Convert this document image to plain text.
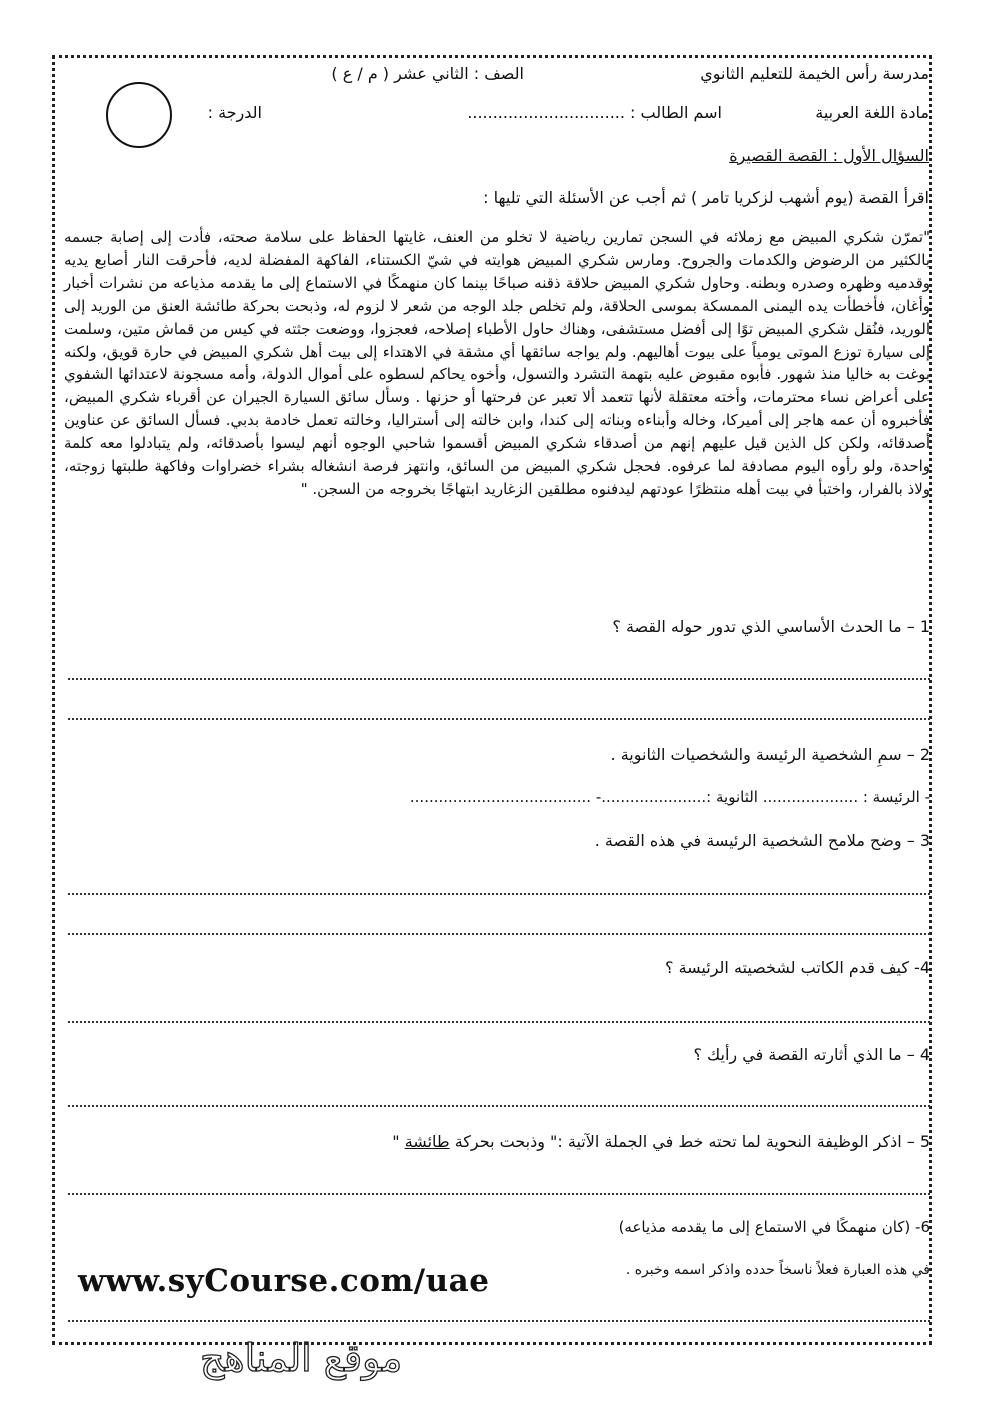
مدرسة رأس الخيمة للتعليم الثانوي
الصف : الثاني عشر ( م / ع )
مادة اللغة العربية
اسم الطالب : ...............................
الدرجة :
السؤال الأول : القصة القصيرة
اقرأ القصة (يوم أشهب لزكريا تامر ) ثم أجب عن الأسئلة التي تليها :

"تمرّن شكري المبيض مع زملائه في السجن تمارين رياضية لا تخلو من العنف، غايتها الحفاظ على سلامة صحته، فأدت إلى إصابة جسمه بالكثير من الرضوض والكدمات والجروح. ومارس شكري المبيض هوايته في شيّ الكستناء، الفاكهة المفضلة لديه، فأحرقت النار أصابع يديه وقدميه وظهره وصدره وبطنه. وحاول شكري المبيض حلاقة ذقنه صباحًا بينما كان منهمكًا في الاستماع إلى ما يقدمه مذياعه من نشرات أخبار وأغان، فأخطأت يده اليمنى الممسكة بموسى الحلاقة، ولم تخلص جلد الوجه من شعر لا لزوم له، وذبحت بحركة طائشة العنق من الوريد إلى الوريد، فنُقل شكري المبيض توًا إلى أفضل مستشفى، وهناك حاول الأطباء إصلاحه، فعجزوا، ووضعت جثته في كيس من قماش متين، وسلمت إلى سيارة توزع الموتى يومياً على بيوت أهاليهم. ولم يواجه سائقها أي مشقة في الاهتداء إلى بيت أهل شكري المبيض في حارة قويق، ولكنه بوغت به خاليا منذ شهور. فأبوه مقبوض عليه بتهمة التشرد والتسول، وأخوه يحاكم لسطوه على أموال الدولة، وأمه مسجونة لاعتدائها الشفوي على أعراض نساء محترمات، وأخته معتقلة لأنها تتعمد ألا تعبر عن فرحتها أو حزنها . وسأل سائق السيارة الجيران عن أقرباء شكري المبيض، فأخبروه أن عمه هاجر إلى أميركا، وخاله وأبناءه وبناته إلى كندا، وابن خالته إلى أستراليا، وخالته تعمل خادمة بدبي. فسأل السائق عن عناوين أصدقائه، ولكن كل الذين قيل عليهم إنهم من أصدقاء شكري المبيض أقسموا شاحبي الوجوه أنهم ليسوا بأصدقائه، ولم يتبادلوا معه كلمة واحدة، ولو رأوه اليوم مصادفة لما عرفوه. فحجل شكري المبيض من السائق، وانتهز فرصة انشغاله بشراء خضراوات وفاكهة طلبتها زوجته، ولاذ بالفرار، واختبأ في بيت أهله منتظرًا عودتهم ليدفنوه مطلقين الزغاريد ابتهاجًا بخروجه من السجن. "

1 – ما الحدث الأساسي الذي تدور حوله القصة ؟
2 – سمِ الشخصية الرئيسة والشخصيات الثانوية .
- الرئيسة : .................... الثانوية :......................- ......................................
3 – وضح ملامح الشخصية الرئيسة في هذه القصة .
4- كيف قدم الكاتب لشخصيته الرئيسة ؟
4 – ما الذي أثارته القصة في رأيك ؟
5 – اذكر الوظيفة النحوية لما تحته خط في الجملة الآتية :" وذبحت بحركة طائشة "
6- (كان منهمكًا في الاستماع إلى ما يقدمه مذياعه)
في هذه العبارة فعلاً ناسخاً حدده واذكر اسمه وخبره .
www.syCourse.com/uae
موقع المناهج
